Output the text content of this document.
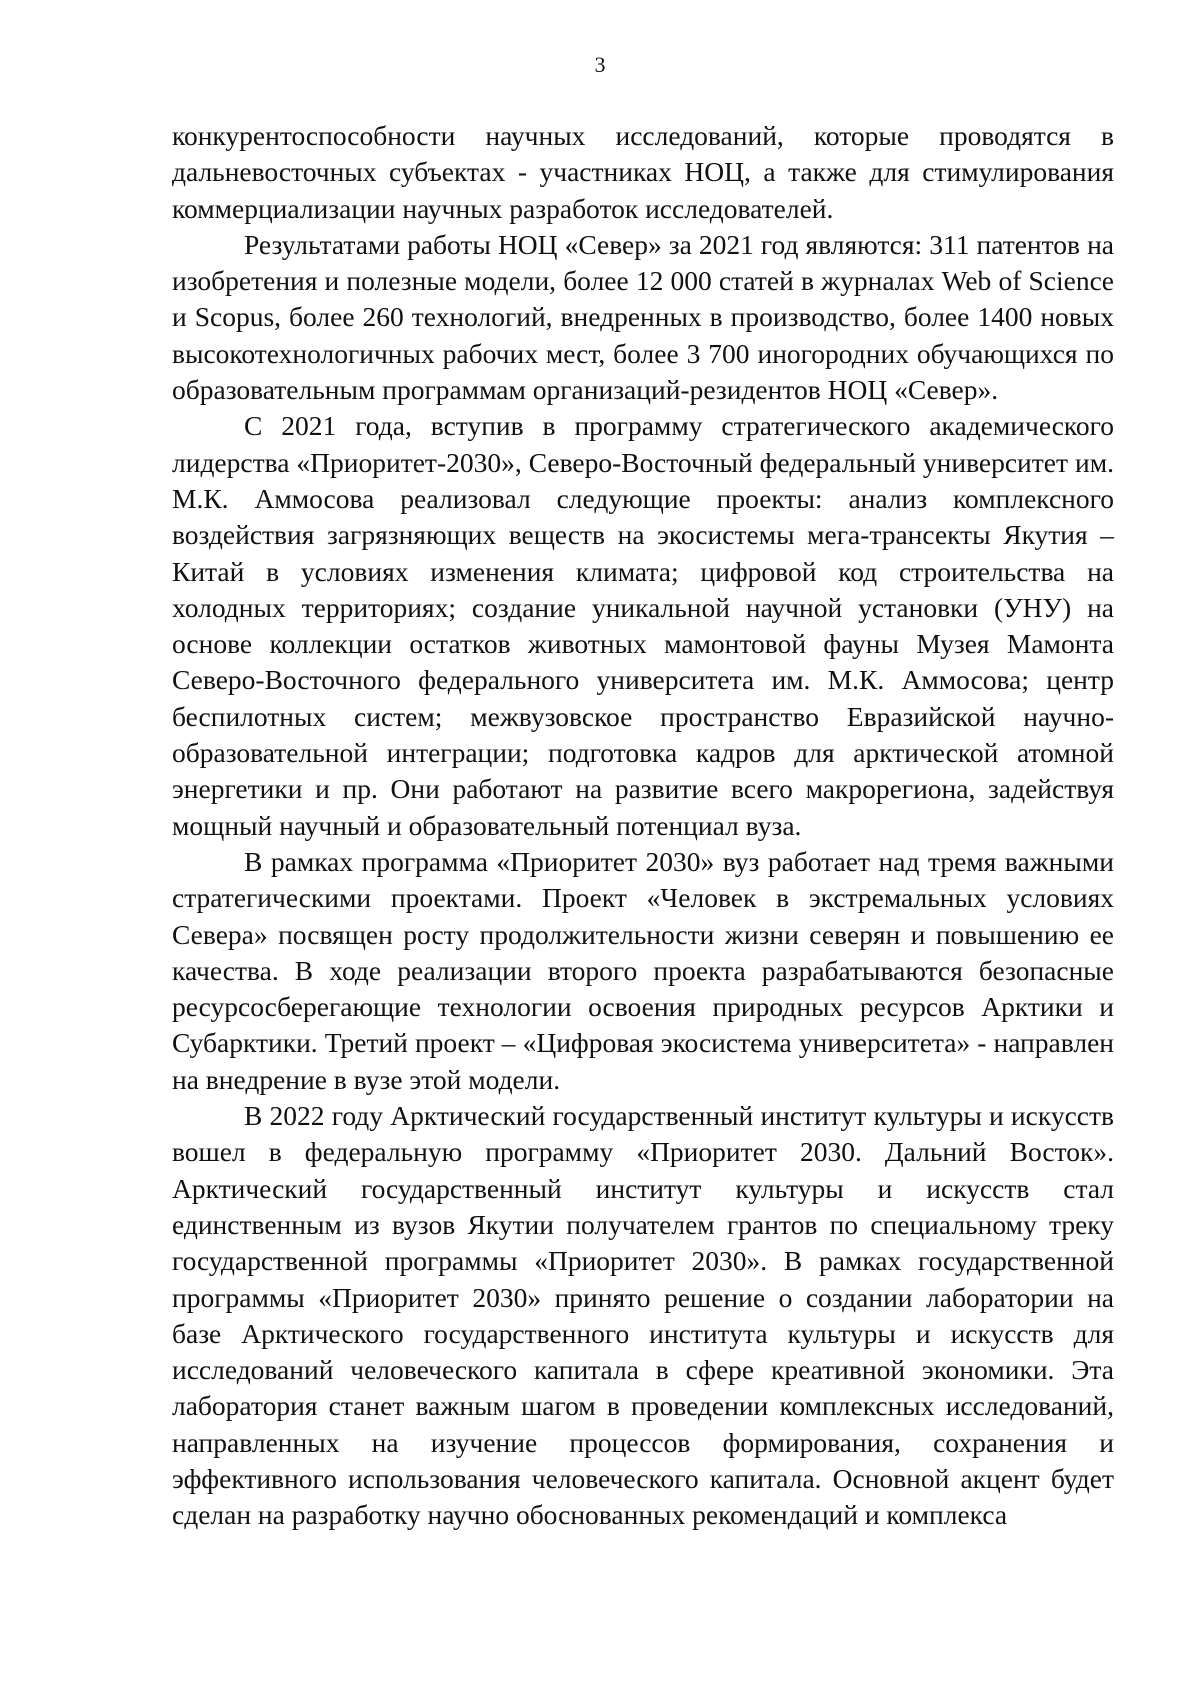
3

конкурентоспособности научных исследований, которые проводятся в дальневосточных субъектах - участниках НОЦ, а также для стимулирования коммерциализации научных разработок исследователей.

Результатами работы НОЦ «Север» за 2021 год являются: 311 патентов на изобретения и полезные модели, более 12 000 статей в журналах Web of Science и Scopus, более 260 технологий, внедренных в производство, более 1400 новых высокотехнологичных рабочих мест, более 3 700 иногородних обучающихся по образовательным программам организаций-резидентов НОЦ «Север».

С 2021 года, вступив в программу стратегического академического лидерства «Приоритет-2030», Северо-Восточный федеральный университет им. М.К. Аммосова реализовал следующие проекты: анализ комплексного воздействия загрязняющих веществ на экосистемы мега-трансекты Якутия – Китай в условиях изменения климата; цифровой код строительства на холодных территориях; создание уникальной научной установки (УНУ) на основе коллекции остатков животных мамонтовой фауны Музея Мамонта Северо-Восточного федерального университета им. М.К. Аммосова; центр беспилотных систем; межвузовское пространство Евразийской научно-образовательной интеграции; подготовка кадров для арктической атомной энергетики и пр. Они работают на развитие всего макрорегиона, задействуя мощный научный и образовательный потенциал вуза.

В рамках программа «Приоритет 2030» вуз работает над тремя важными стратегическими проектами. Проект «Человек в экстремальных условиях Севера» посвящен росту продолжительности жизни северян и повышению ее качества. В ходе реализации второго проекта разрабатываются безопасные ресурсосберегающие технологии освоения природных ресурсов Арктики и Субарктики. Третий проект – «Цифровая экосистема университета» - направлен на внедрение в вузе этой модели.

В 2022 году Арктический государственный институт культуры и искусств вошел в федеральную программу «Приоритет 2030. Дальний Восток». Арктический государственный институт культуры и искусств стал единственным из вузов Якутии получателем грантов по специальному треку государственной программы «Приоритет 2030». В рамках государственной программы «Приоритет 2030» принято решение о создании лаборатории на базе Арктического государственного института культуры и искусств для исследований человеческого капитала в сфере креативной экономики. Эта лаборатория станет важным шагом в проведении комплексных исследований, направленных на изучение процессов формирования, сохранения и эффективного использования человеческого капитала. Основной акцент будет сделан на разработку научно обоснованных рекомендаций и комплекса
